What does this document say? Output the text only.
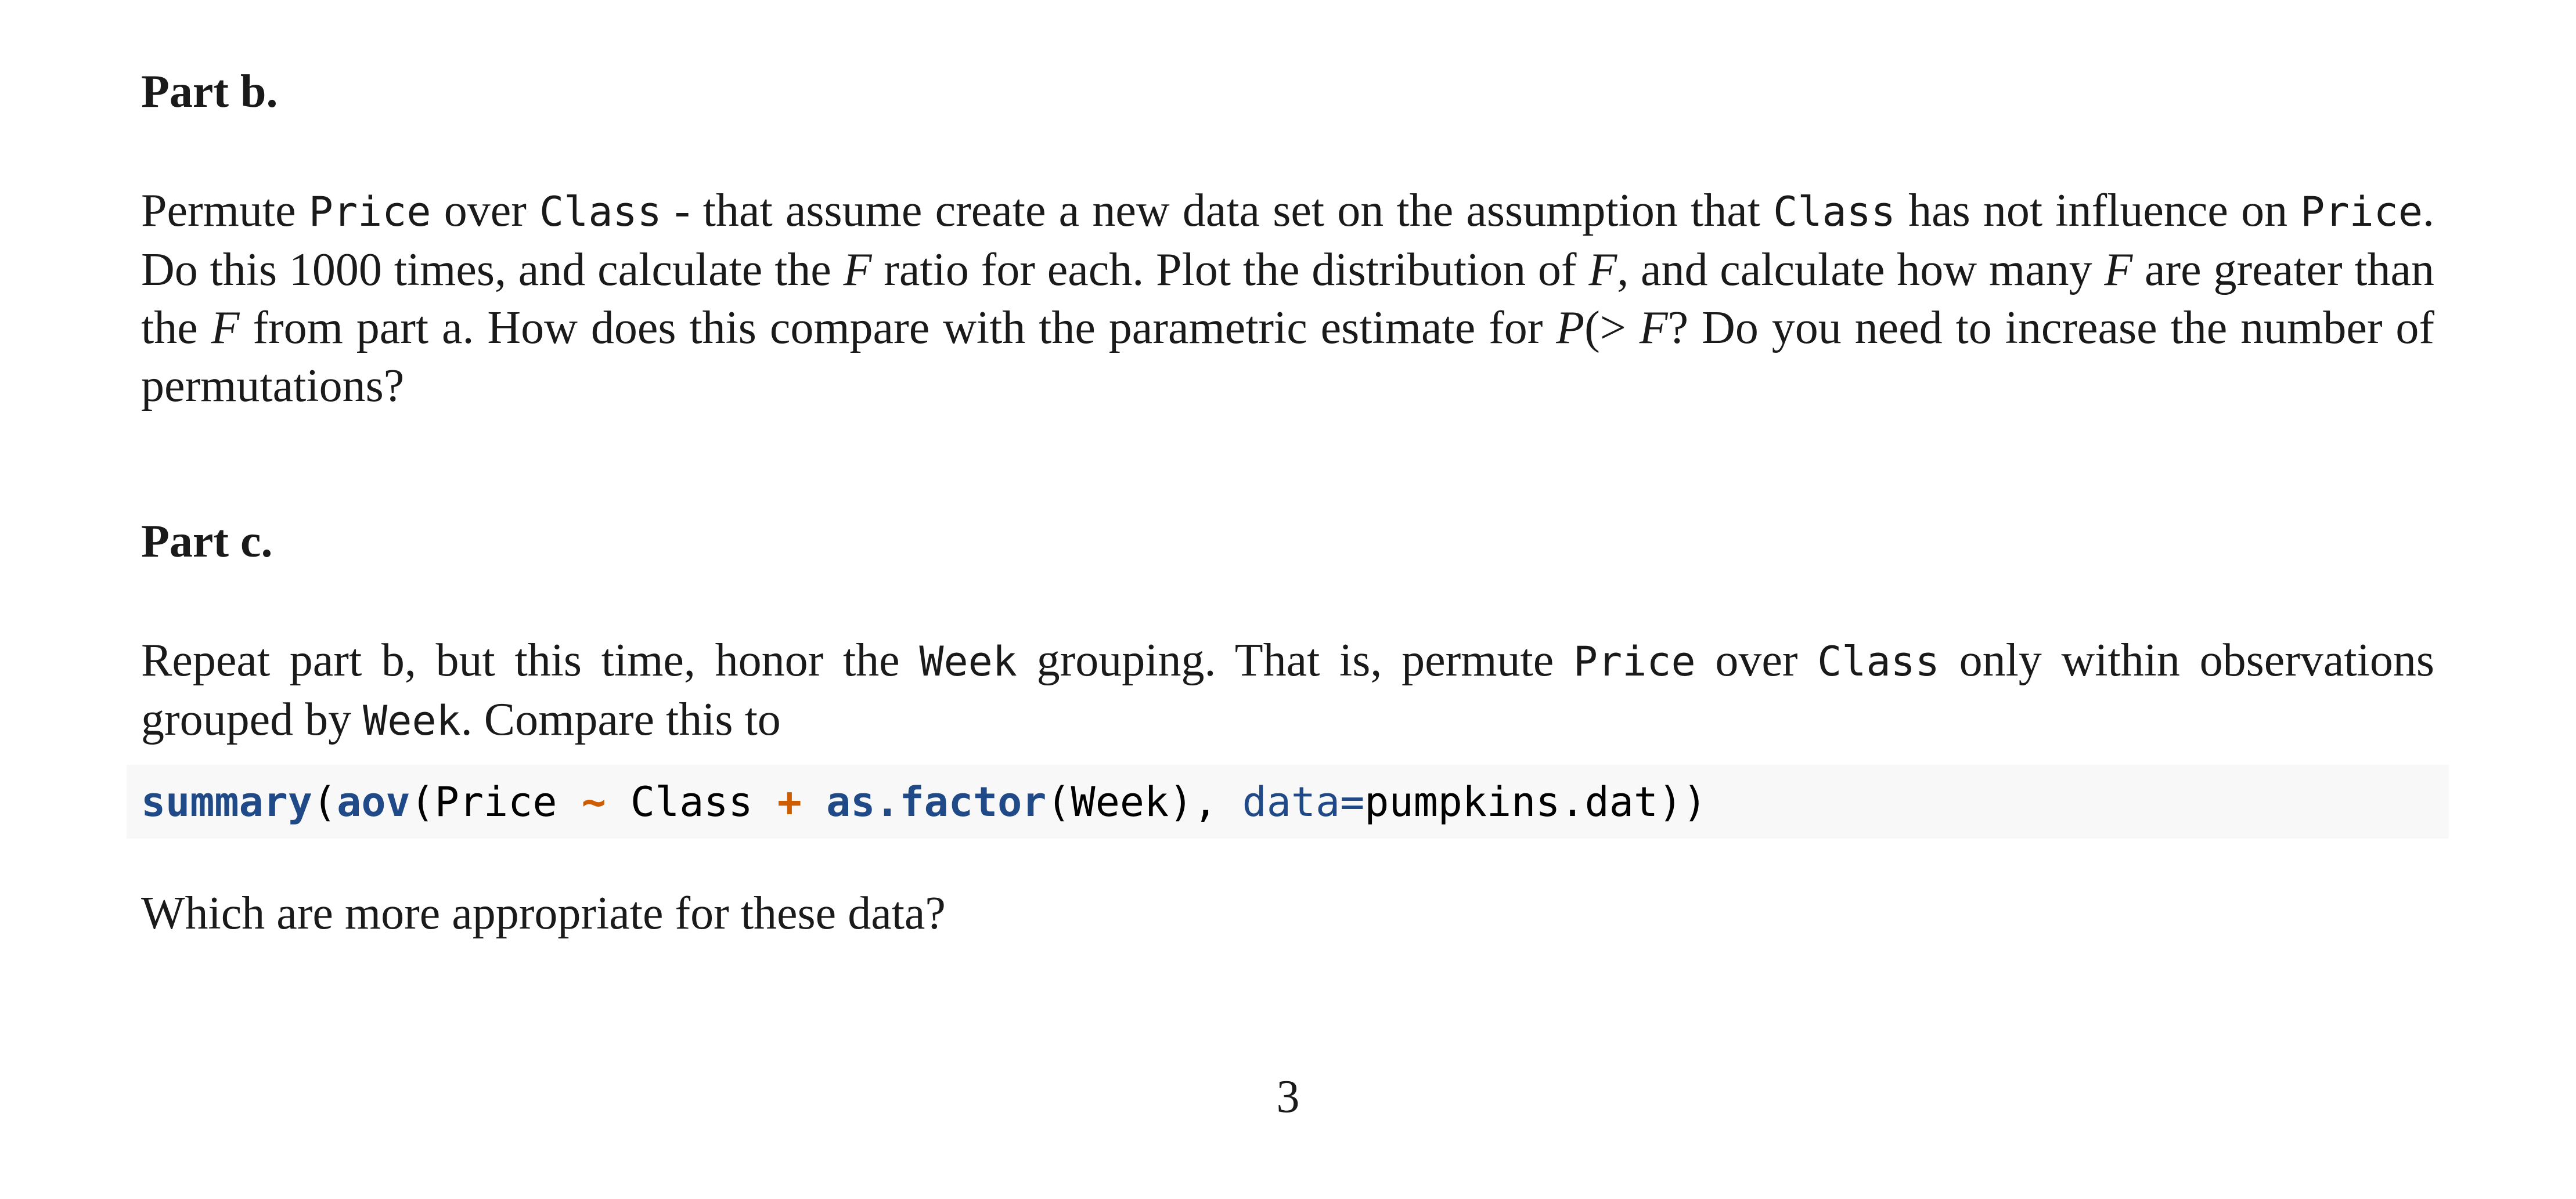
Part b.

Permute Price over Class - that assume create a new data set on the assumption that Class has not influence on Price. Do this 1000 times, and calculate the F ratio for each. Plot the distribution of F, and calculate how many F are greater than the F from part a. How does this compare with the parametric estimate for P(> F? Do you need to increase the number of permutations?

Part c.

Repeat part b, but this time, honor the Week grouping. That is, permute Price over Class only within observations grouped by Week. Compare this to

summary ( aov (Price ~ Class +
as.factor (Week), data = pumpkins.dat))

Which are more appropriate for these data?

3
